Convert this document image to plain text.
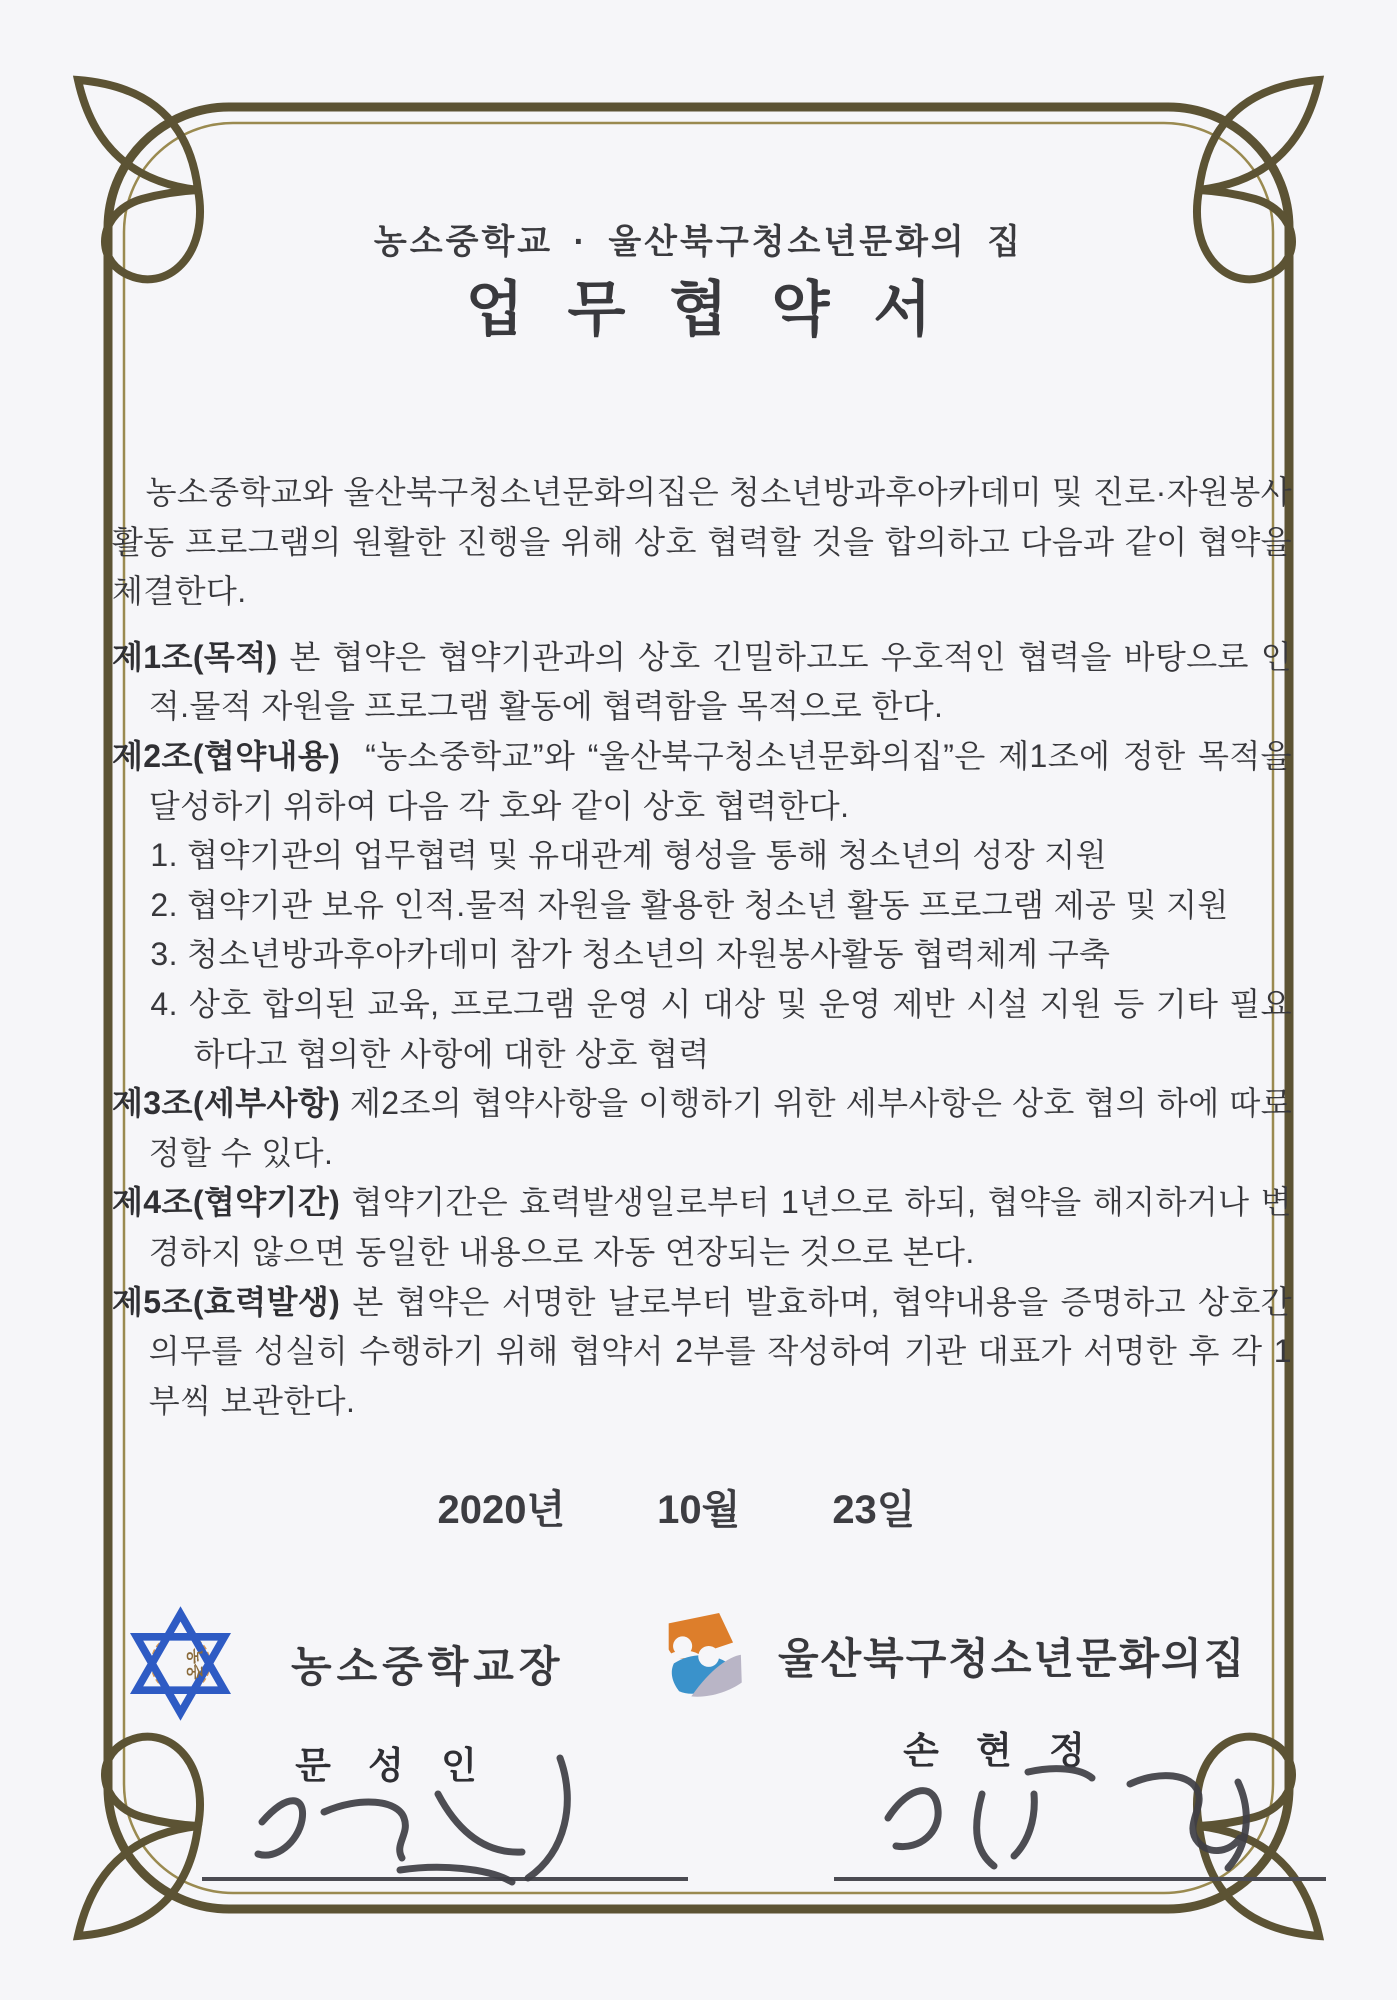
농소중학교 · 울산북구청소년문화의 집
업무협약서

농소중학교와 울산북구청소년문화의집은 청소년방과후아카데미 및 진로·자원봉사활동 프로그램의 원활한 진행을 위해 상호 협력할 것을 합의하고 다음과 같이 협약을 체결한다.

제1조(목적) 본 협약은 협약기관과의 상호 긴밀하고도 우호적인 협력을 바탕으로 인적.물적 자원을 프로그램 활동에 협력함을 목적으로 한다.

제2조(협약내용) “농소중학교”와 “울산북구청소년문화의집”은 제1조에 정한 목적을 달성하기 위하여 다음 각 호와 같이 상호 협력한다.

1. 협약기관의 업무협력 및 유대관계 형성을 통해 청소년의 성장 지원

2. 협약기관 보유 인적.물적 자원을 활용한 청소년 활동 프로그램 제공 및 지원

3. 청소년방과후아카데미 참가 청소년의 자원봉사활동 협력체계 구축

4. 상호 합의된 교육, 프로그램 운영 시 대상 및 운영 제반 시설 지원 등 기타 필요하다고 협의한 사항에 대한 상호 협력

제3조(세부사항) 제2조의 협약사항을 이행하기 위한 세부사항은 상호 협의 하에 따로 정할 수 있다.

제4조(협약기간) 협약기간은 효력발생일로부터 1년으로 하되, 협약을 해지하거나 변경하지 않으면 동일한 내용으로 자동 연장되는 것으로 본다.

제5조(효력발생) 본 협약은 서명한 날로부터 발효하며, 협약내용을 증명하고 상호간 의무를 성실히 수행하기 위해 협약서 2부를 작성하여 기관 대표가 서명한 후 각 1부씩 보관한다.

2020년 10월 23일
농중 농소중학교장
문 성 인
울산북구청소년문화의집
손 현 정
